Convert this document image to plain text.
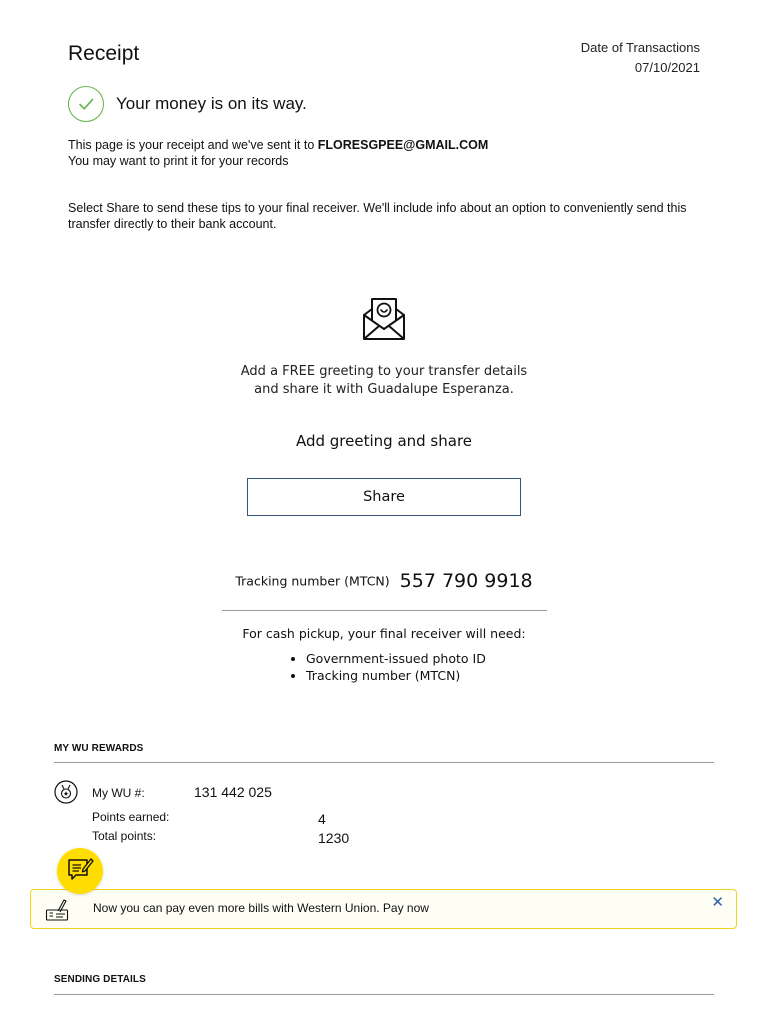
Receipt	Date of Transactions
07/10/2021
Your money is on its way.
This page is your receipt and we've sent it to FLORESGPEE@GMAIL.COM
You may want to print it for your records
Select Share to send these tips to your final receiver. We'll include info about an option to conveniently send this transfer directly to their bank account.
Add a FREE greeting to your transfer details
and share it with Guadalupe Esperanza.
Add greeting and share
Share
Tracking number (MTCN) 557 790 9918
For cash pickup, your final receiver will need:
• Government-issued photo ID
• Tracking number (MTCN)
MY WU REWARDS
My WU #:	131 442 025
Points earned:	4
Total points:	1230
Now you can pay even more bills with Western Union. Pay now	✕
SENDING DETAILS
